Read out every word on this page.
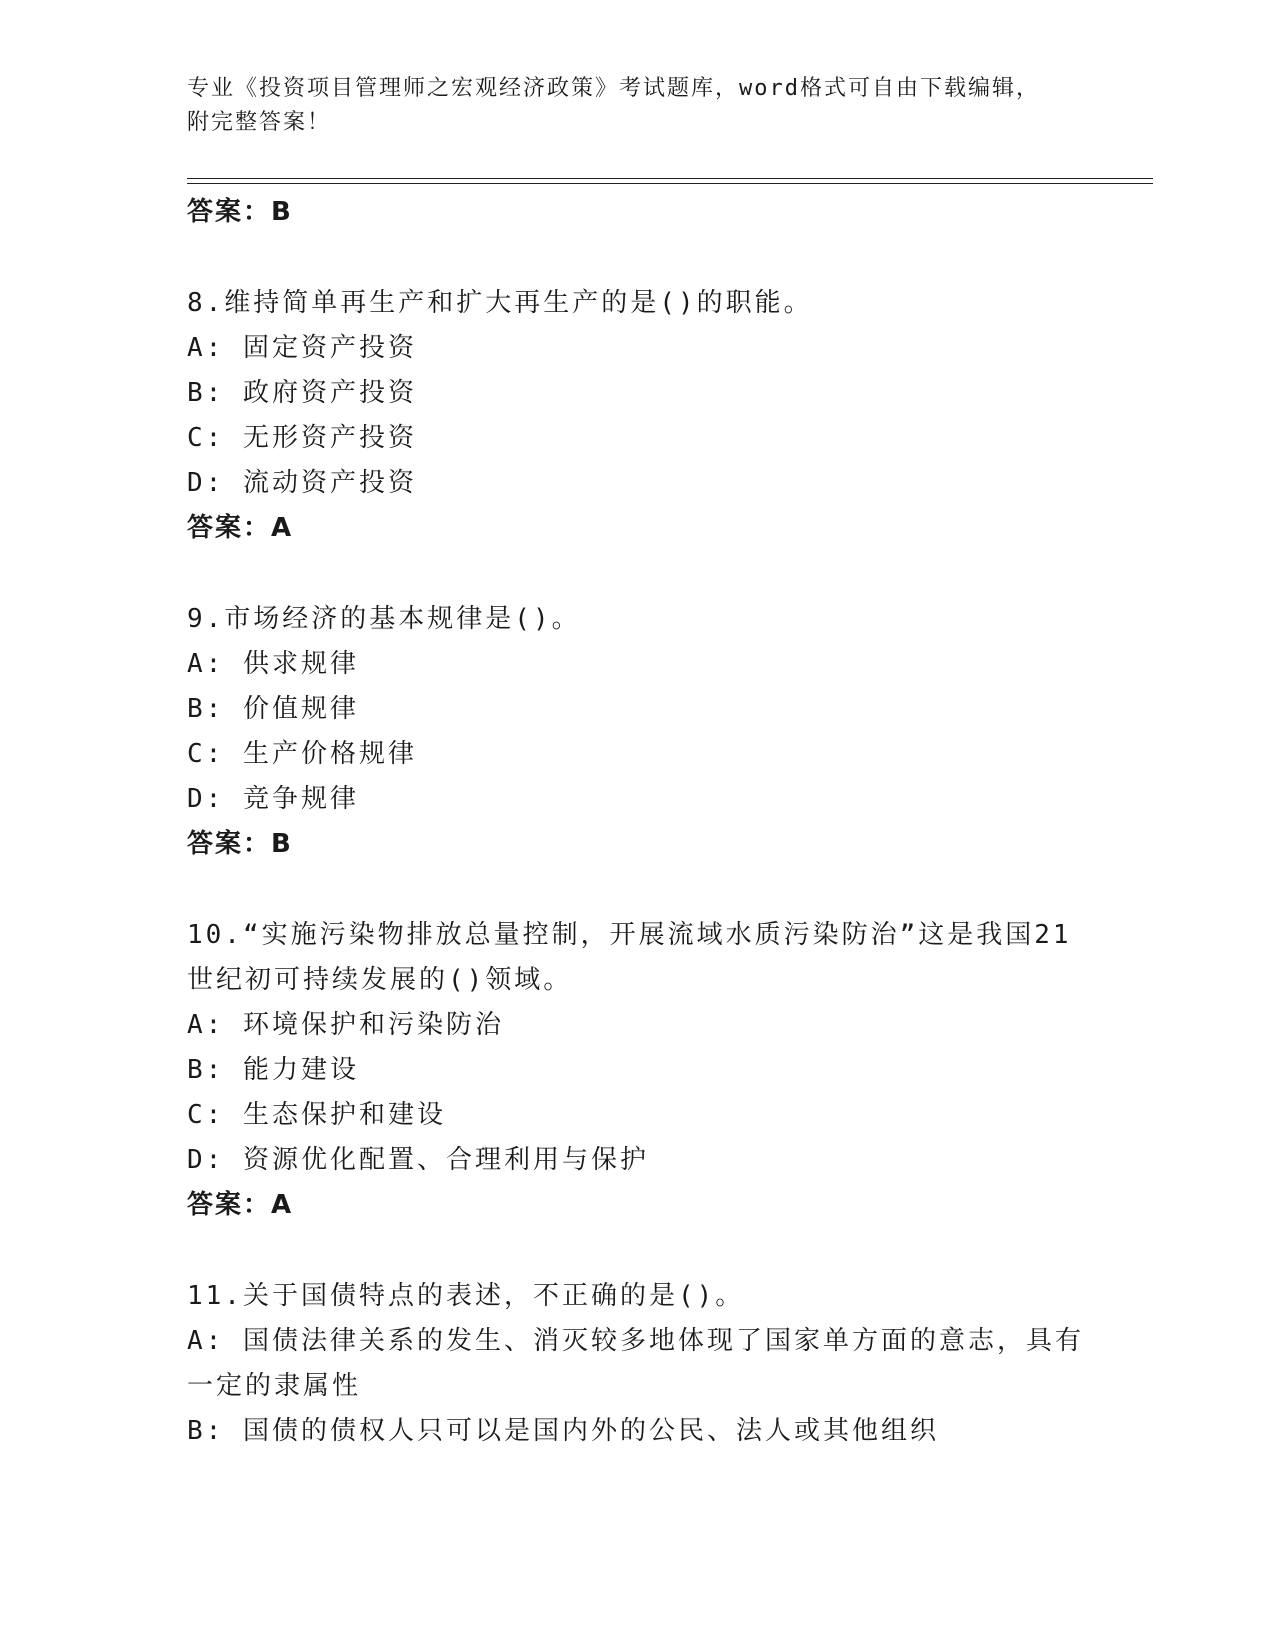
专业《投资项目管理师之宏观经济政策》考试题库，word格式可自由下载编辑，
附完整答案！
答案：B
8.维持简单再生产和扩大再生产的是()的职能。
A: 固定资产投资
B: 政府资产投资
C: 无形资产投资
D: 流动资产投资
答案：A
9.市场经济的基本规律是()。
A: 供求规律
B: 价值规律
C: 生产价格规律
D: 竞争规律
答案：B
10.“实施污染物排放总量控制，开展流域水质污染防治”这是我国21
世纪初可持续发展的()领域。
A: 环境保护和污染防治
B: 能力建设
C: 生态保护和建设
D: 资源优化配置、合理利用与保护
答案：A
11.关于国债特点的表述，不正确的是()。
A: 国债法律关系的发生、消灭较多地体现了国家单方面的意志，具有
一定的隶属性
B: 国债的债权人只可以是国内外的公民、法人或其他组织
